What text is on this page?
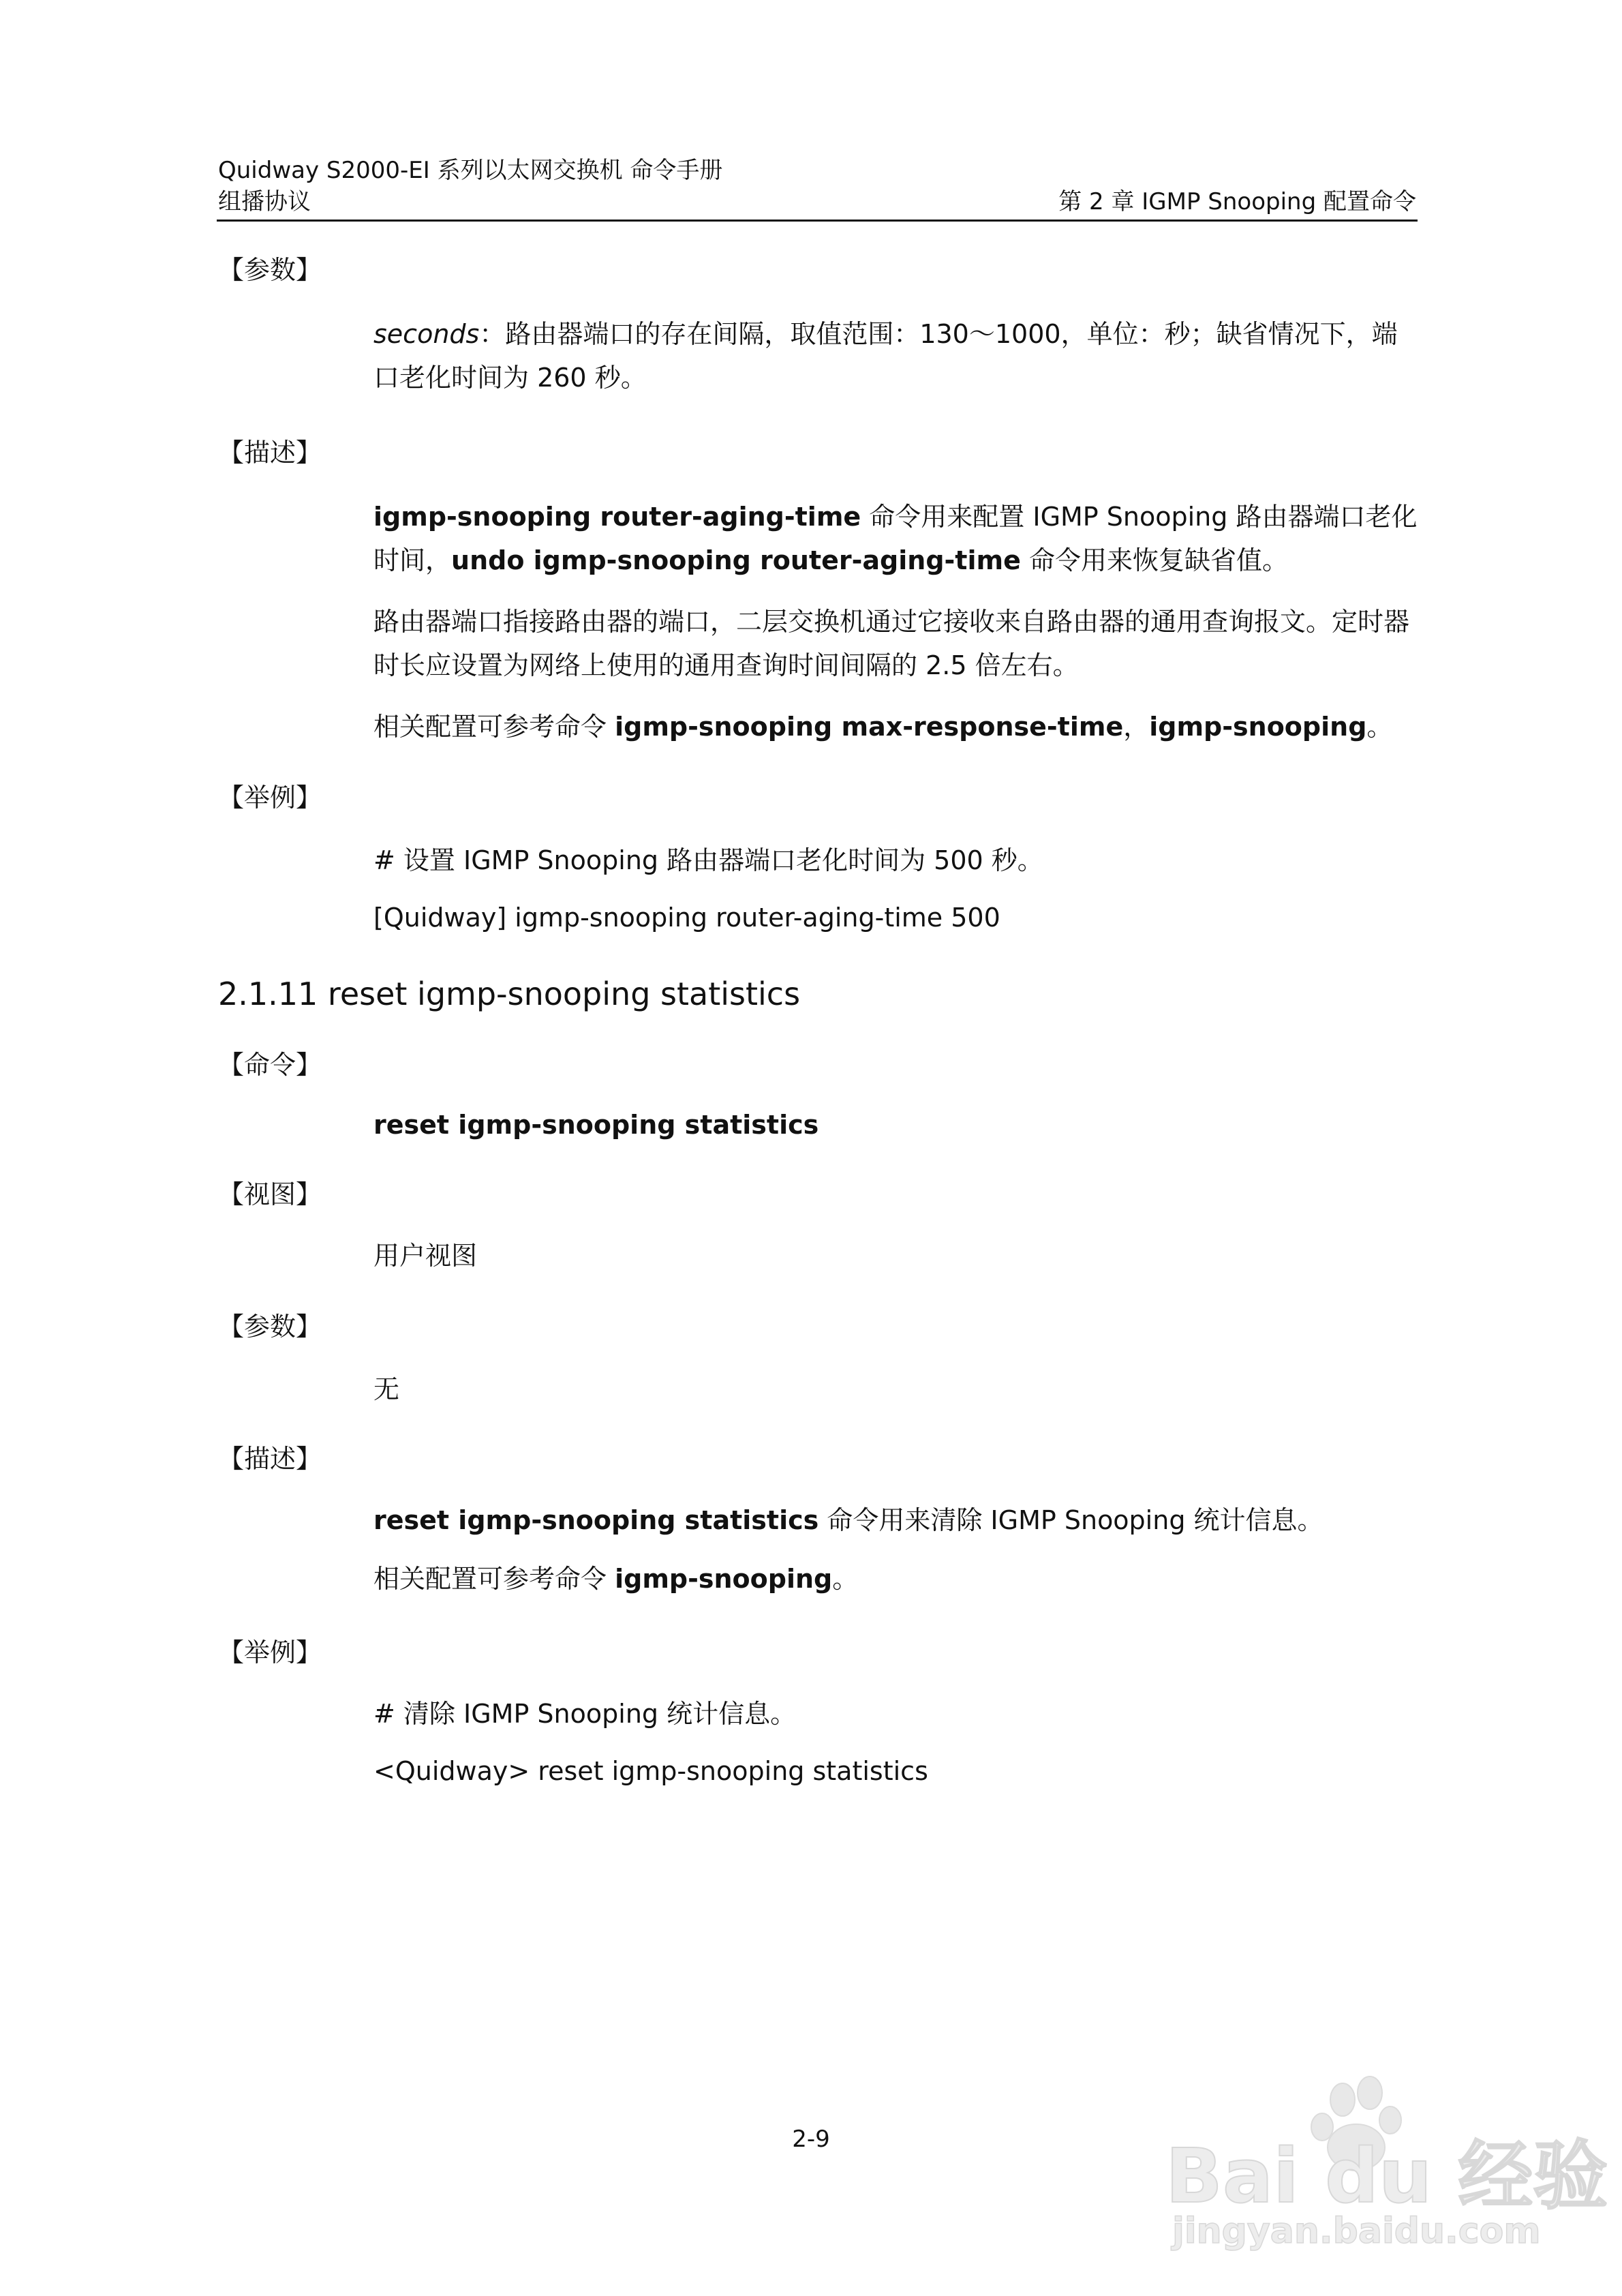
Quidway S2000-EI 系列以太网交换机 命令手册
组播协议	第 2 章 IGMP Snooping 配置命令
【参数】
seconds：路由器端口的存在间隔，取值范围：130～1000，单位：秒；缺省情况下，端口老化时间为 260 秒。
【描述】
igmp-snooping router-aging-time 命令用来配置 IGMP Snooping 路由器端口老化时间，undo igmp-snooping router-aging-time 命令用来恢复缺省值。
路由器端口指接路由器的端口，二层交换机通过它接收来自路由器的通用查询报文。定时器时长应设置为网络上使用的通用查询时间间隔的 2.5 倍左右。
相关配置可参考命令 igmp-snooping max-response-time，igmp-snooping。
【举例】
# 设置 IGMP Snooping 路由器端口老化时间为 500 秒。
[Quidway] igmp-snooping router-aging-time 500
2.1.11 reset igmp-snooping statistics
【命令】
reset igmp-snooping statistics
【视图】
用户视图
【参数】
无
【描述】
reset igmp-snooping statistics 命令用来清除 IGMP Snooping 统计信息。
相关配置可参考命令 igmp-snooping。
【举例】
# 清除 IGMP Snooping 统计信息。
<Quidway> reset igmp-snooping statistics
2-9	Bai du 经验
jingyan.baidu.com
